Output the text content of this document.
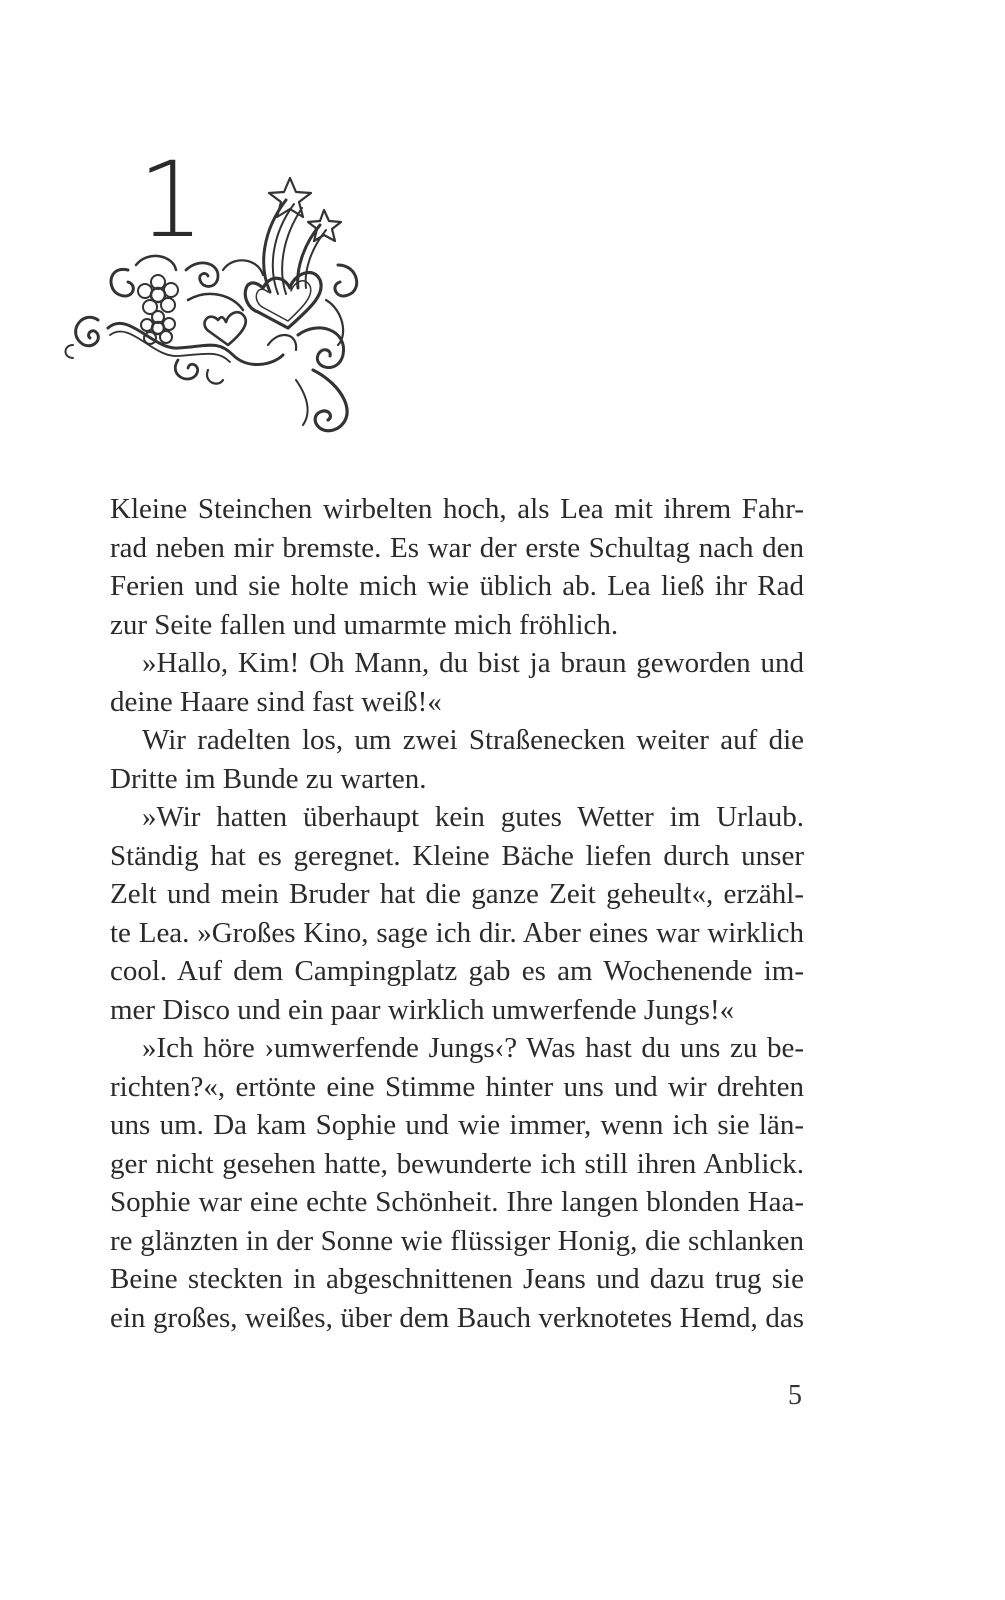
1

Kleine Steinchen wirbelten hoch, als Lea mit ihrem Fahr-

rad neben mir bremste. Es war der erste Schultag nach den

Ferien und sie holte mich wie üblich ab. Lea ließ ihr Rad

zur Seite fallen und umarmte mich fröhlich.

»Hallo, Kim! Oh Mann, du bist ja braun geworden und

deine Haare sind fast weiß!«

Wir radelten los, um zwei Straßenecken weiter auf die

Dritte im Bunde zu warten.

»Wir hatten überhaupt kein gutes Wetter im Urlaub.

Ständig hat es geregnet. Kleine Bäche liefen durch unser

Zelt und mein Bruder hat die ganze Zeit geheult«, erzähl-

te Lea. »Großes Kino, sage ich dir. Aber eines war wirklich

cool. Auf dem Campingplatz gab es am Wochenende im-

mer Disco und ein paar wirklich umwerfende Jungs!«

»Ich höre ›umwerfende Jungs‹? Was hast du uns zu be-

richten?«, ertönte eine Stimme hinter uns und wir drehten

uns um. Da kam Sophie und wie immer, wenn ich sie län-

ger nicht gesehen hatte, bewunderte ich still ihren Anblick.

Sophie war eine echte Schönheit. Ihre langen blonden Haa-

re glänzten in der Sonne wie flüssiger Honig, die schlanken

Beine steckten in abgeschnittenen Jeans und dazu trug sie

ein großes, weißes, über dem Bauch verknotetes Hemd, das

5
